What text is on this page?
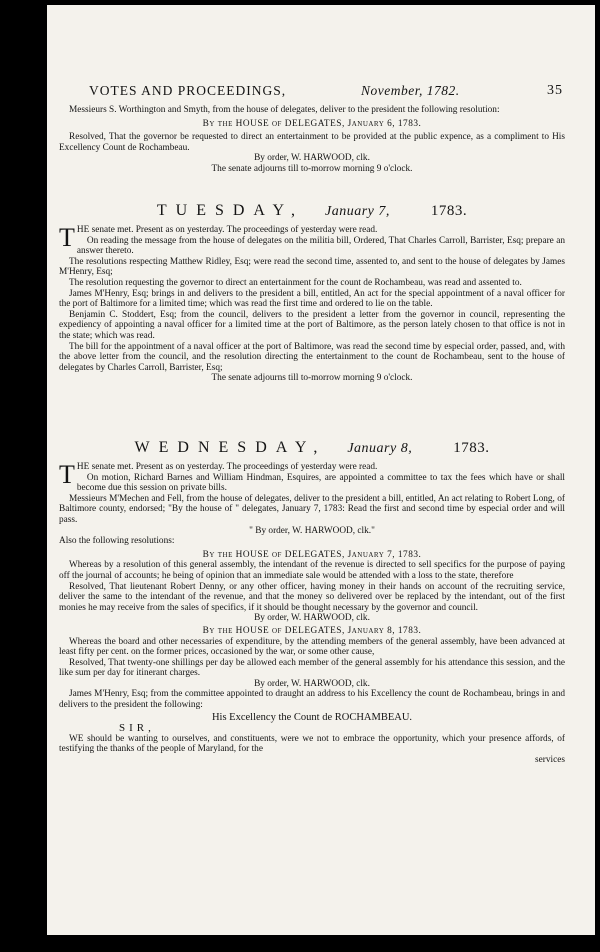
VOTES AND PROCEEDINGS,	November, 1782.	35

Messieurs S. Worthington and Smyth, from the house of delegates, deliver to the president the following resolution:

By the HOUSE of DELEGATES, January 6, 1783.

Resolved, That the governor be requested to direct an entertainment to be provided at the public expence, as a compliment to His Excellency Count de Rochambeau.

By order, W. HARWOOD, clk.

The senate adjourns till to-morrow morning 9 o'clock.

TUESDAY, January 7,	1783.
T HE senate met. Present as on yesterday. The proceedings of yesterday were read.

On reading the message from the house of delegates on the militia bill, Ordered, That Charles Carroll, Barrister, Esq; prepare an answer thereto.

The resolutions respecting Matthew Ridley, Esq; were read the second time, assented to, and sent to the house of delegates by James M'Henry, Esq;

The resolution requesting the governor to direct an entertainment for the count de Rochambeau, was read and assented to.

James M'Henry, Esq; brings in and delivers to the president a bill, entitled, An act for the special appointment of a naval officer for the port of Baltimore for a limited time; which was read the first time and ordered to lie on the table.

Benjamin C. Stoddert, Esq; from the council, delivers to the president a letter from the governor in council, representing the expediency of appointing a naval officer for a limited time at the port of Baltimore, as the person lately chosen to that office is not in the state; which was read.

The bill for the appointment of a naval officer at the port of Baltimore, was read the second time by especial order, passed, and, with the above letter from the council, and the resolution directing the entertainment to the count de Rochambeau, sent to the house of delegates by Charles Carroll, Barrister, Esq;

The senate adjourns till to-morrow morning 9 o'clock.

WEDNESDAY, January 8,	1783.
T HE senate met. Present as on yesterday. The proceedings of yesterday were read.

On motion, Richard Barnes and William Hindman, Esquires, are appointed a committee to tax the fees which have or shall become due this session on private bills.

Messieurs M'Mechen and Fell, from the house of delegates, deliver to the president a bill, entitled, An act relating to Robert Long, of Baltimore county, endorsed; "By the house of " delegates, January 7, 1783: Read the first and second time by especial order and will pass.

" By order, W. HARWOOD, clk."

Also the following resolutions:

By the HOUSE of DELEGATES, January 7, 1783.

Whereas by a resolution of this general assembly, the intendant of the revenue is directed to sell specifics for the purpose of paying off the journal of accounts; he being of opinion that an immediate sale would be attended with a loss to the state, therefore

Resolved, That lieutenant Robert Denny, or any other officer, having money in their hands on account of the recruiting service, deliver the same to the intendant of the revenue, and that the money so delivered over be replaced by the intendant, out of the first monies he may receive from the sales of specifics, if it should be thought necessary by the governor and council.

By order, W. HARWOOD, clk.

By the HOUSE of DELEGATES, January 8, 1783.

Whereas the board and other necessaries of expenditure, by the attending members of the general assembly, have been advanced at least fifty per cent. on the former prices, occasioned by the war, or some other cause,

Resolved, That twenty-one shillings per day be allowed each member of the general assembly for his attendance this session, and the like sum per day for itinerant charges.

By order, W. HARWOOD, clk.

James M'Henry, Esq; from the committee appointed to draught an address to his Excellency the count de Rochambeau, brings in and delivers to the president the following:

His Excellency the Count de ROCHAMBEAU.

SIR,

WE should be wanting to ourselves, and constituents, were we not to embrace the opportunity, which your presence affords, of testifying the thanks of the people of Maryland, for the

services
